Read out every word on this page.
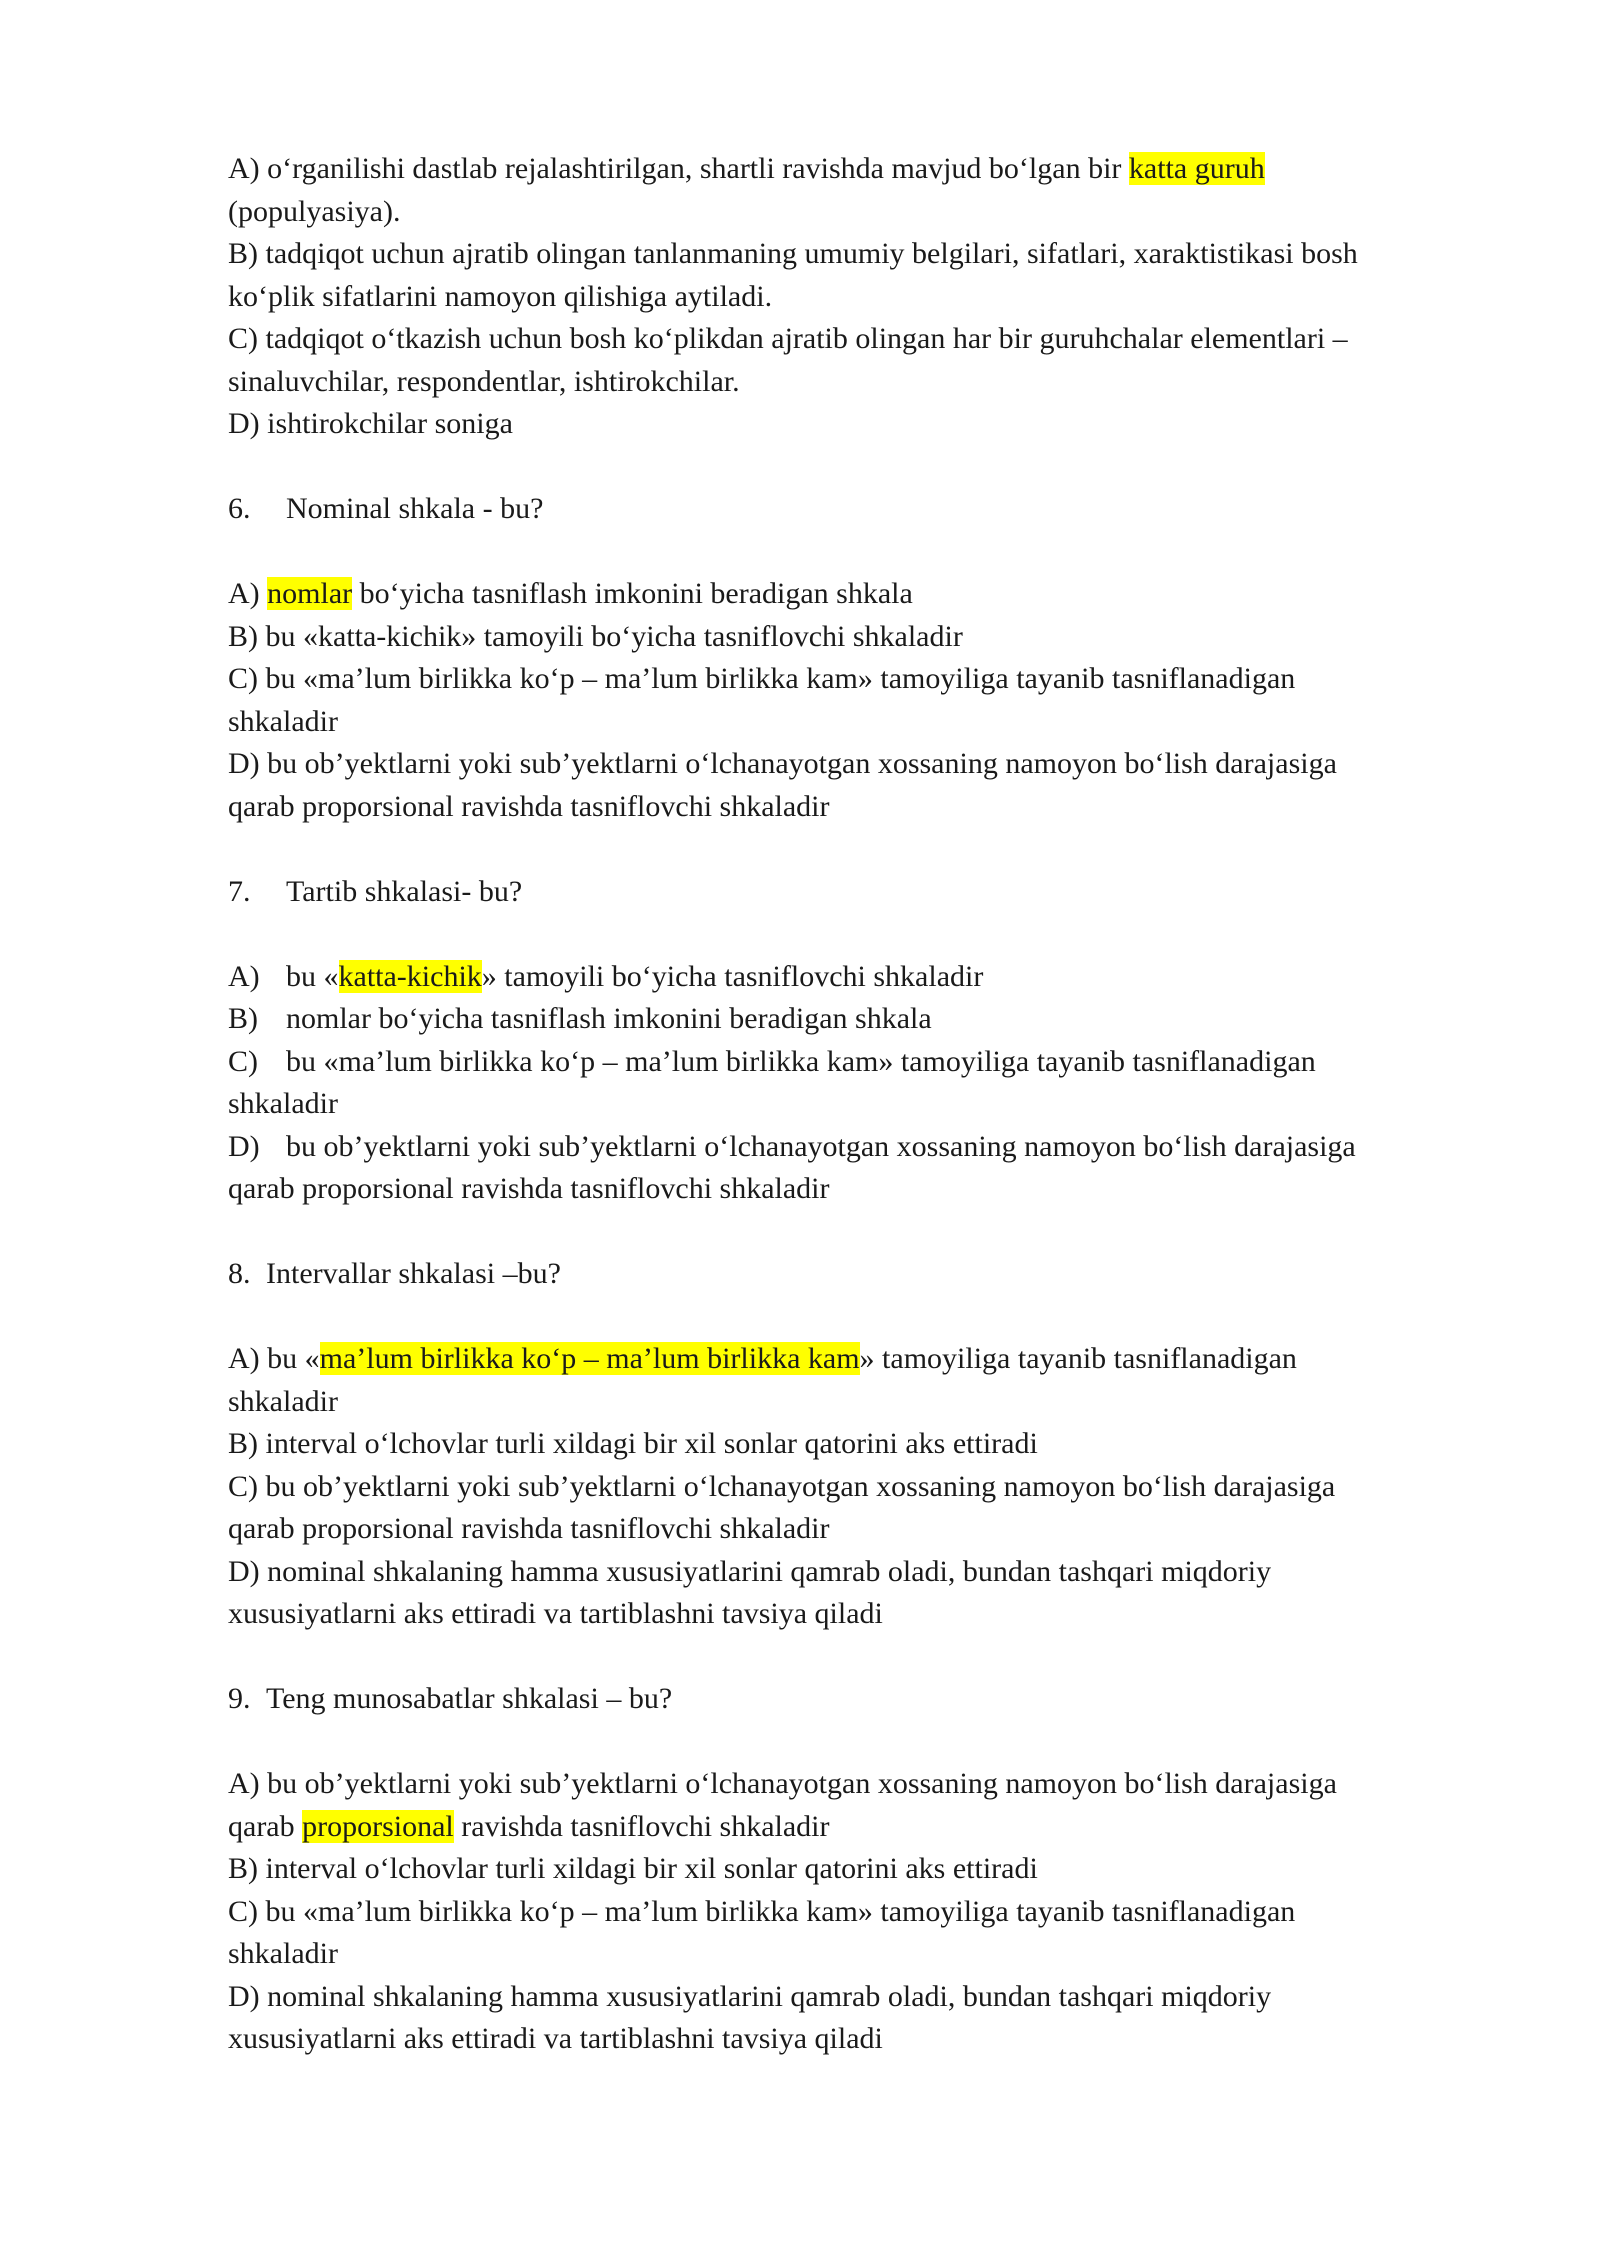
A) oʻrganilishi dastlab rejalashtirilgan, shartli ravishda mavjud boʻlgan bir katta guruh
(populyasiya).
B) tadqiqot uchun ajratib olingan tanlanmaning umumiy belgilari, sifatlari, xaraktistikasi bosh
koʻplik sifatlarini namoyon qilishiga aytiladi.
C) tadqiqot oʻtkazish uchun bosh koʻplikdan ajratib olingan har bir guruhchalar elementlari –
sinaluvchilar, respondentlar, ishtirokchilar.
D) ishtirokchilar soniga
6. Nominal shkala - bu?
A) nomlar boʻyicha tasniflash imkonini beradigan shkala
B) bu «katta-kichik» tamoyili boʻyicha tasniflovchi shkaladir
C) bu «ma’lum birlikka koʻp – ma’lum birlikka kam» tamoyiliga tayanib tasniflanadigan
shkaladir
D) bu ob’yektlarni yoki sub’yektlarni oʻlchanayotgan xossaning namoyon boʻlish darajasiga
qarab proporsional ravishda tasniflovchi shkaladir
7. Tartib shkalasi- bu?
A) bu «katta-kichik» tamoyili boʻyicha tasniflovchi shkaladir
B) nomlar boʻyicha tasniflash imkonini beradigan shkala
C) bu «ma’lum birlikka koʻp – ma’lum birlikka kam» tamoyiliga tayanib tasniflanadigan
shkaladir
D) bu ob’yektlarni yoki sub’yektlarni oʻlchanayotgan xossaning namoyon boʻlish darajasiga
qarab proporsional ravishda tasniflovchi shkaladir
8. Intervallar shkalasi –bu?
A) bu «ma’lum birlikka koʻp – ma’lum birlikka kam» tamoyiliga tayanib tasniflanadigan
shkaladir
B) interval oʻlchovlar turli xildagi bir xil sonlar qatorini aks ettiradi
C) bu ob’yektlarni yoki sub’yektlarni oʻlchanayotgan xossaning namoyon boʻlish darajasiga
qarab proporsional ravishda tasniflovchi shkaladir
D) nominal shkalaning hamma xususiyatlarini qamrab oladi, bundan tashqari miqdoriy
xususiyatlarni aks ettiradi va tartiblashni tavsiya qiladi
9. Teng munosabatlar shkalasi – bu?
A) bu ob’yektlarni yoki sub’yektlarni oʻlchanayotgan xossaning namoyon boʻlish darajasiga
qarab proporsional ravishda tasniflovchi shkaladir
B) interval oʻlchovlar turli xildagi bir xil sonlar qatorini aks ettiradi
C) bu «ma’lum birlikka koʻp – ma’lum birlikka kam» tamoyiliga tayanib tasniflanadigan
shkaladir
D) nominal shkalaning hamma xususiyatlarini qamrab oladi, bundan tashqari miqdoriy
xususiyatlarni aks ettiradi va tartiblashni tavsiya qiladi
